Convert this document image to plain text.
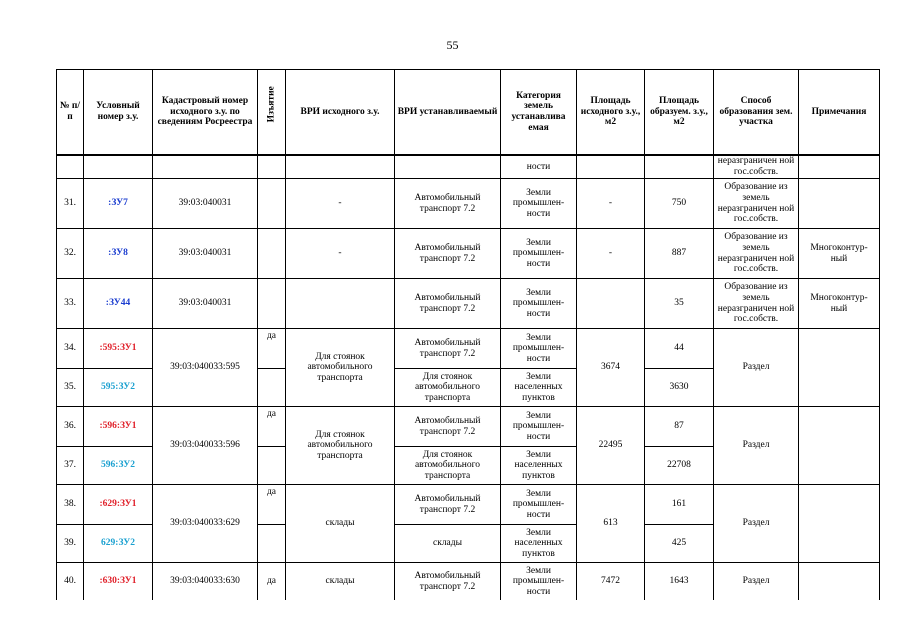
55
№ п/п	Условный номер з.у.	Кадастровый номер исходного з.у. по сведениям Росреестра	Изъятие	ВРИ исходного з.у.	ВРИ устанавливаемый	Категория земель устанавлива емая	Площадь исходного з.у., м2	Площадь образуем. з.у., м2	Способ образования зем. участка	Примечания
						ности			неразграничен ной гос.собств.	
31.	:ЗУ7	39:03:040031		-	Автомобильный транспорт 7.2	Земли промышлен- ности	-	750	Образование из земель неразграничен ной гос.собств.	
32.	:ЗУ8	39:03:040031		-	Автомобильный транспорт 7.2	Земли промышлен- ности	-	887	Образование из земель неразграничен ной гос.собств.	Многоконтур- ный
33.	:ЗУ44	39:03:040031			Автомобильный транспорт 7.2	Земли промышлен- ности		35	Образование из земель неразграничен ной гос.собств.	Многоконтур- ный
34.	:595:ЗУ1	39:03:040033:595	да	Для стоянок автомобильного транспорта	Автомобильный транспорт 7.2	Земли промышлен- ности	3674	44	Раздел	
35.	595:ЗУ2				Для стоянок автомобильного транспорта	Земли населенных пунктов		3630		
36.	:596:ЗУ1	39:03:040033:596	да	Для стоянок автомобильного транспорта	Автомобильный транспорт 7.2	Земли промышлен- ности	22495	87	Раздел	
37.	596:ЗУ2				Для стоянок автомобильного транспорта	Земли населенных пунктов		22708		
38.	:629:ЗУ1	39:03:040033:629	да	склады	Автомобильный транспорт 7.2	Земли промышлен- ности	613	161	Раздел	
39.	629:ЗУ2				склады	Земли населенных пунктов		425		
40.	:630:ЗУ1	39:03:040033:630	да	склады	Автомобильный транспорт 7.2	Земли промышлен- ности	7472	1643	Раздел	
